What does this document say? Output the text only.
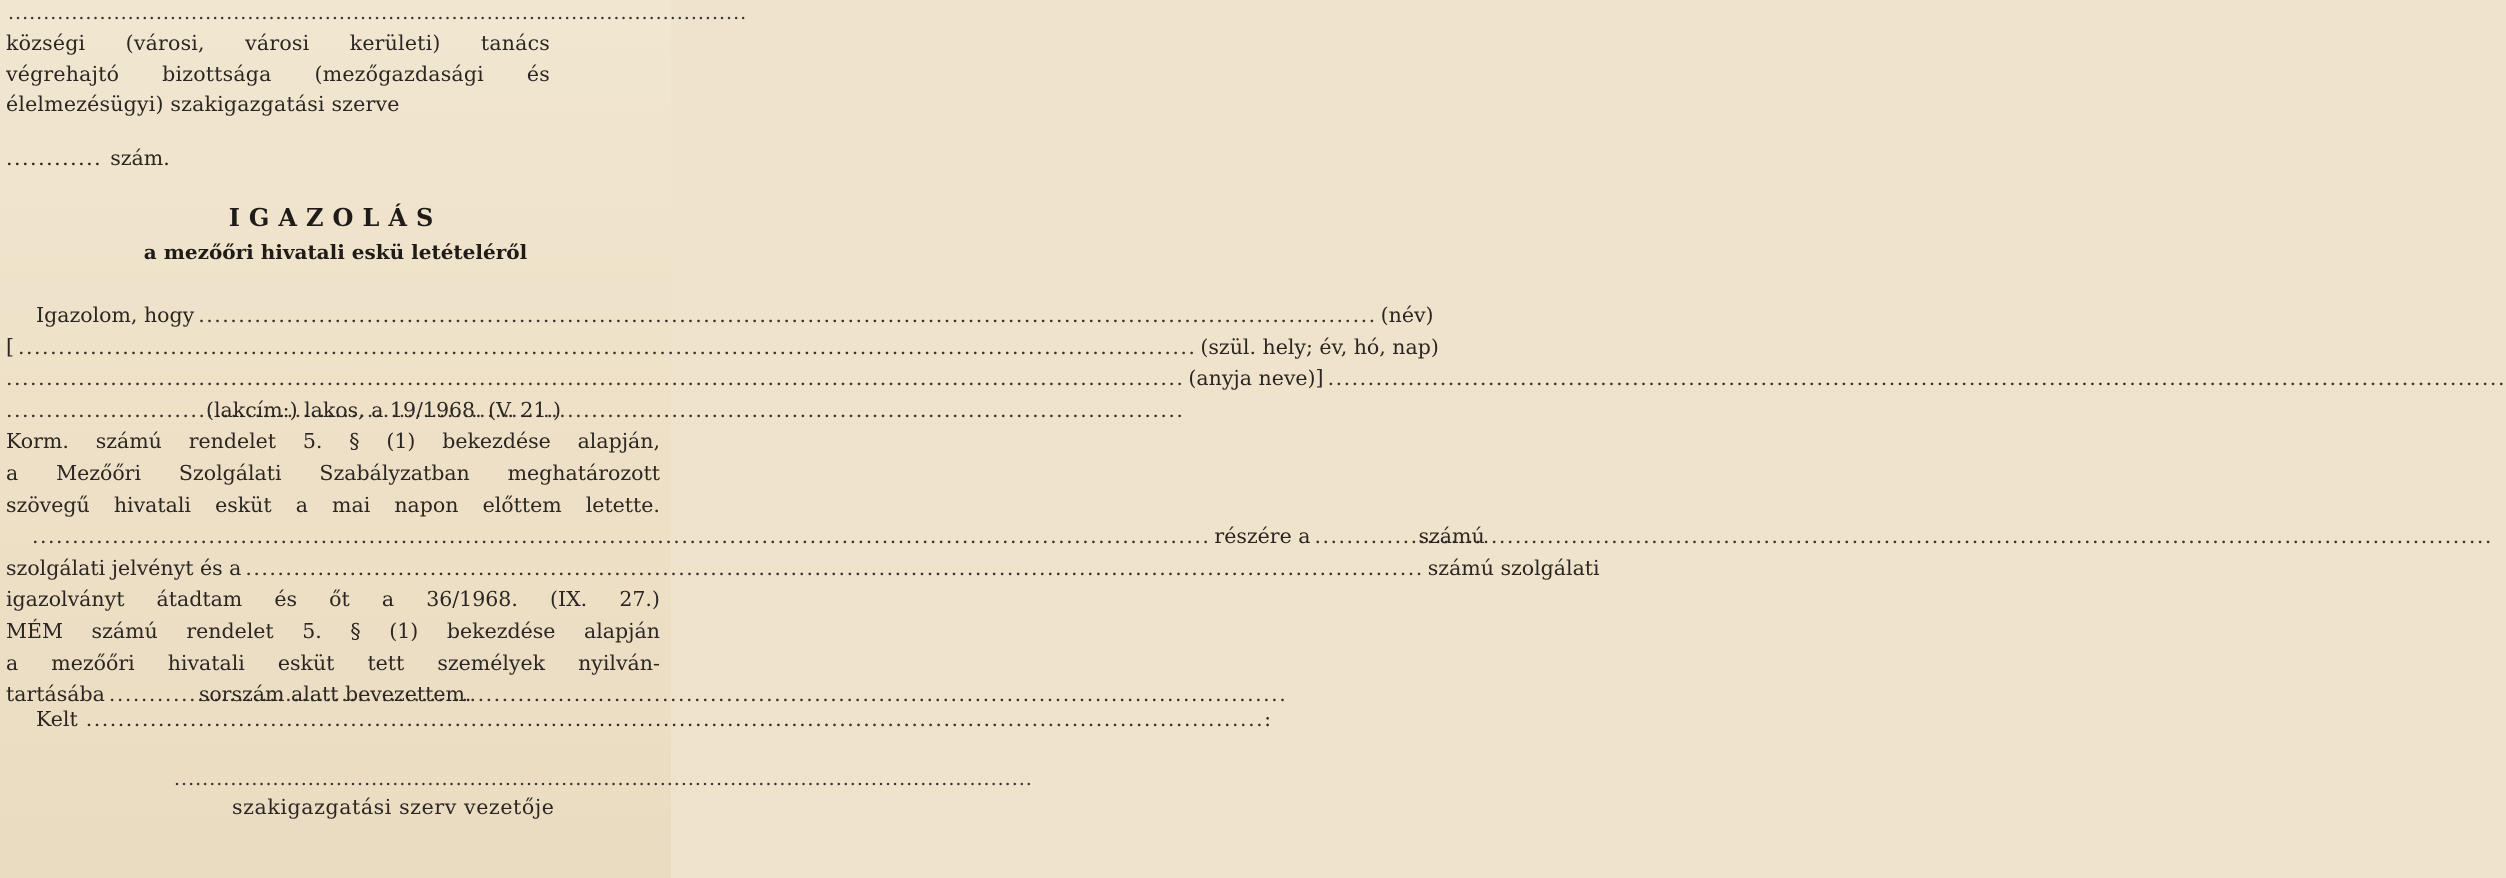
.........................................................................................................
községi (városi, városi kerületi) tanács
végrehajtó bizottsága (mezőgazdasági és
élelmezésügyi) szakigazgatási szerve
............ szám.
IGAZOLÁS
a mezőőri hivatali eskü letételéről
Igazolom, hogy .....	(név)
[ .....	(szül. hely; év, hó, nap)
.....
(anyja neve)]
.....
.....
(lakcím:) lakos, a 19/1968. (V. 21.)
Korm. számú rendelet 5. § (1) bekezdése alapján,
a Mezőőri Szolgálati Szabályzatban meghatározott
szövegű hivatali esküt a mai napon előttem letette.
.....
részére a .....	számú
szolgálati jelvényt és a .....	számú szolgálati
igazolványt átadtam és őt a 36/1968. (IX. 27.)
MÉM számú rendelet 5. § (1) bekezdése alapján
a mezőőri hivatali esküt tett személyek nyilván-
tartásába .....	sorszám alatt bevezettem.
Kelt .....	:
.....
szakigazgatási szerv vezetője
